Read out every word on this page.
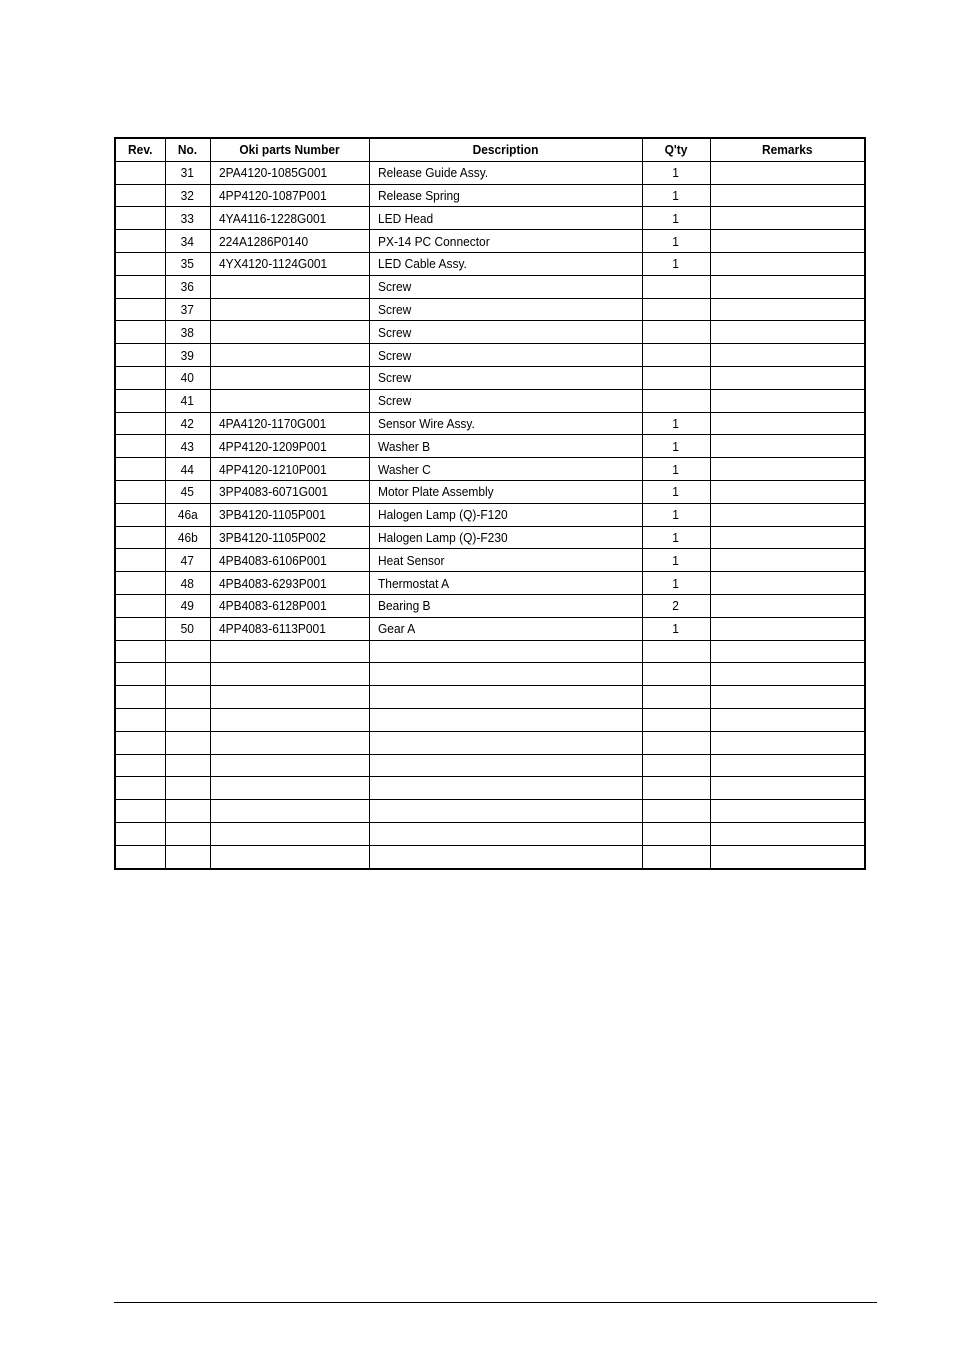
Rev.	No.	Oki parts Number	Description	Q'ty	Remarks
	31	2PA4120-1085G001	Release Guide Assy.	1	
	32	4PP4120-1087P001	Release Spring	1	
	33	4YA4116-1228G001	LED Head	1	
	34	224A1286P0140	PX-14 PC Connector	1	
	35	4YX4120-1124G001	LED Cable Assy.	1	
	36		Screw		
	37		Screw		
	38		Screw		
	39		Screw		
	40		Screw		
	41		Screw		
	42	4PA4120-1170G001	Sensor Wire Assy.	1	
	43	4PP4120-1209P001	Washer B	1	
	44	4PP4120-1210P001	Washer C	1	
	45	3PP4083-6071G001	Motor Plate Assembly	1	
	46a	3PB4120-1105P001	Halogen Lamp (Q)-F120	1	
	46b	3PB4120-1105P002	Halogen Lamp (Q)-F230	1	
	47	4PB4083-6106P001	Heat Sensor	1	
	48	4PB4083-6293P001	Thermostat A	1	
	49	4PB4083-6128P001	Bearing B	2	
	50	4PP4083-6113P001	Gear A	1	
